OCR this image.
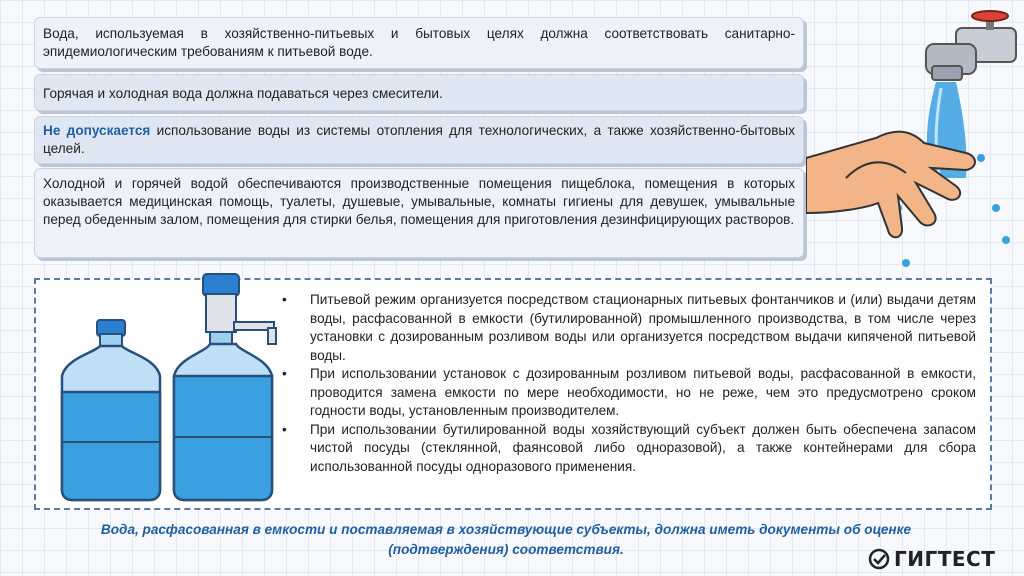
Вода, используемая в хозяйственно-питьевых и бытовых целях должна соответствовать санитарно-эпидемиологическим требованиям к питьевой воде.
Горячая и холодная вода должна подаваться через смесители.
Не допускается использование воды из системы отопления для технологических, а также хозяйственно-бытовых целей.
Холодной и горячей водой обеспечиваются производственные помещения пищеблока, помещения в которых оказывается медицинская помощь, туалеты, душевые, умывальные, комнаты гигиены для девушек, умывальные перед обеденным залом, помещения для стирки белья, помещения для приготовления дезинфицирующих растворов.
• Питьевой режим организуется посредством стационарных питьевых фонтанчиков и (или) выдачи детям воды, расфасованной в емкости (бутилированной) промышленного производства, в том числе через установки с дозированным розливом воды или организуется посредством выдачи кипяченой питьевой воды.
• При использовании установок с дозированным розливом питьевой воды, расфасованной в емкости, проводится замена емкости по мере необходимости, но не реже, чем это предусмотрено сроком годности воды, установленным производителем.
• При использовании бутилированной воды хозяйствующий субъект должен быть обеспечена запасом чистой посуды (стеклянной, фаянсовой либо одноразовой), а также контейнерами для сбора использованной посуды одноразового применения.
Вода, расфасованная в емкости и поставляемая в хозяйствующие субъекты, должна иметь документы об оценке (подтверждения) соответствия.	ГИГТЕСТ
